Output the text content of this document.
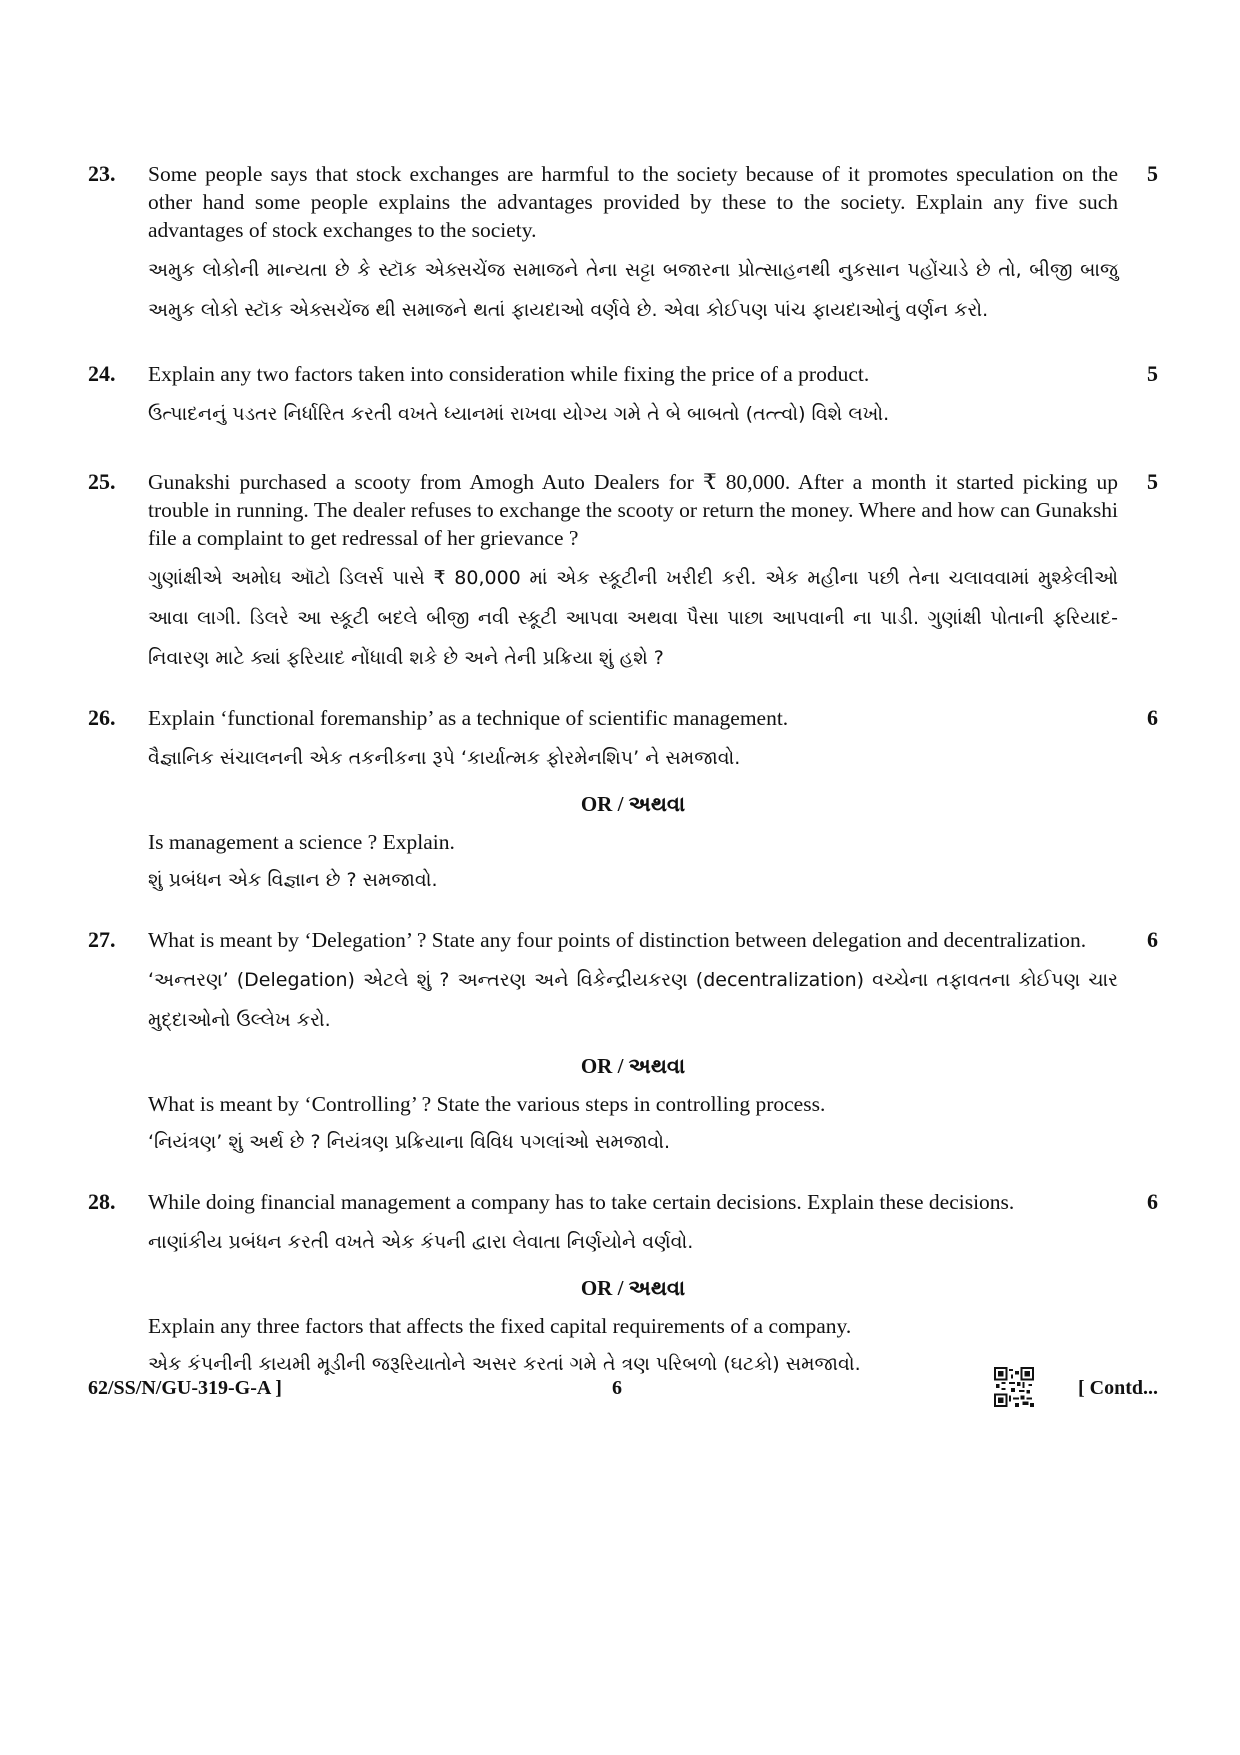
23.	Some people says that stock exchanges are harmful to the society because of it promotes speculation on the other hand some people explains the advantages provided by these to the society. Explain any five such advantages of stock exchanges to the society.
અમુક લોકોની માન્યતા છે કે સ્ટૉક એક્સચેંજ સમાજને તેના સટ્ટા બજારના પ્રોત્સાહનથી નુકસાન પહોંચાડે છે તો, બીજી બાજુ અમુક લોકો સ્ટૉક એક્સચેંજ થી સમાજને થતાં ફાયદાઓ વર્ણવે છે. એવા કોઈપણ પાંચ ફાયદાઓનું વર્ણન કરો.
5
24.	Explain any two factors taken into consideration while fixing the price of a product.
ઉત્પાદનનું પડતર નિર્ધારિત કરતી વખતે ધ્યાનમાં રાખવા યોગ્ય ગમે તે બે બાબતો (તત્ત્વો) વિશે લખો.
5
25.	Gunakshi purchased a scooty from Amogh Auto Dealers for ₹ 80,000. After a month it started picking up trouble in running. The dealer refuses to exchange the scooty or return the money. Where and how can Gunakshi file a complaint to get redressal of her grievance ?
ગુણાંક્ષીએ અમોઘ ઑટો ડિલર્સ પાસે ₹ 80,000 માં એક સ્કૂટીની ખરીદી કરી. એક મહીના પછી તેના ચલાવવામાં મુશ્કેલીઓ આવા લાગી. ડિલરે આ સ્કૂટી બદલે બીજી નવી સ્કૂટી આપવા અથવા પૈસા પાછા આપવાની ના પાડી. ગુણાંક્ષી પોતાની ફરિયાદ-નિવારણ માટે ક્યાં ફરિયાદ નોંધાવી શકે છે અને તેની પ્રક્રિયા શું હશે ?
5
26.	Explain ‘functional foremanship’ as a technique of scientific management.
વૈજ્ઞાનિક સંચાલનની એક તકનીકના રૂપે ‘કાર્યાત્મક ફોરમેનશિપ’ ને સમજાવો.
OR / અથવા
Is management a science ? Explain.
શું પ્રબંધન એક વિજ્ઞાન છે ? સમજાવો.
6
27.	What is meant by ‘Delegation’ ? State any four points of distinction between delegation and decentralization.
‘અન્તરણ’ (Delegation) એટલે શું ? અન્તરણ અને વિકેન્દ્રીયકરણ (decentralization) વચ્ચેના તફાવતના કોઈપણ ચાર મુદ્દાઓનો ઉલ્લેખ કરો.
OR / અથવા
What is meant by ‘Controlling’ ? State the various steps in controlling process.
‘નિયંત્રણ’ શું અર્થ છે ? નિયંત્રણ પ્રક્રિયાના વિવિધ પગલાંઓ સમજાવો.
6
28.	While doing financial management a company has to take certain decisions. Explain these decisions.
નાણાંકીય પ્રબંધન કરતી વખતે એક કંપની દ્વારા લેવાતા નિર્ણયોને વર્ણવો.
OR / અથવા
Explain any three factors that affects the fixed capital requirements of a company.
એક કંપનીની કાયમી મૂડીની જરૂરિયાતોને અસર કરતાં ગમે તે ત્રણ પરિબળો (ઘટકો) સમજાવો.
6
62/SS/N/GU-319-G-A ]	6	[ Contd...
